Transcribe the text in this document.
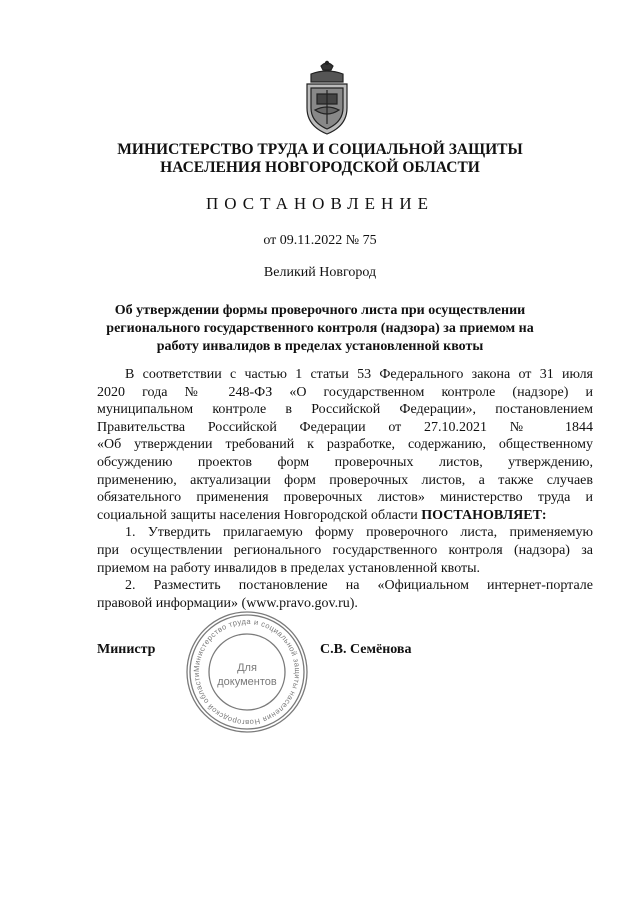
МИНИСТЕРСТВО ТРУДА И СОЦИАЛЬНОЙ ЗАЩИТЫ
НАСЕЛЕНИЯ НОВГОРОДСКОЙ ОБЛАСТИ
ПОСТАНОВЛЕНИЕ
от 09.11.2022 № 75
Великий Новгород
Об утверждении формы проверочного листа при осуществлении
регионального государственного контроля (надзора) за приемом на
работу инвалидов в пределах установленной квоты
В соответствии с частью 1 статьи 53 Федерального закона от 31 июля
2020 года № 248-ФЗ «О государственном контроле (надзоре) и
муниципальном контроле в Российской Федерации», постановлением
Правительства Российской Федерации от 27.10.2021 № 1844
«Об утверждении требований к разработке, содержанию, общественному
обсуждению проектов форм проверочных листов, утверждению,
применению, актуализации форм проверочных листов, а также случаев
обязательного применения проверочных листов» министерство труда и
социальной защиты населения Новгородской области ПОСТАНОВЛЯЕТ:
1. Утвердить прилагаемую форму проверочного листа, применяемую
при осуществлении регионального государственного контроля (надзора) за
приемом на работу инвалидов в пределах установленной квоты.
2. Разместить постановление на «Официальном интернет-портале
правовой информации» (www.pravo.gov.ru).
Министерство труда и социальной защиты населения Новгородской области
Для
документов
Министр	С.В. Семёнова
